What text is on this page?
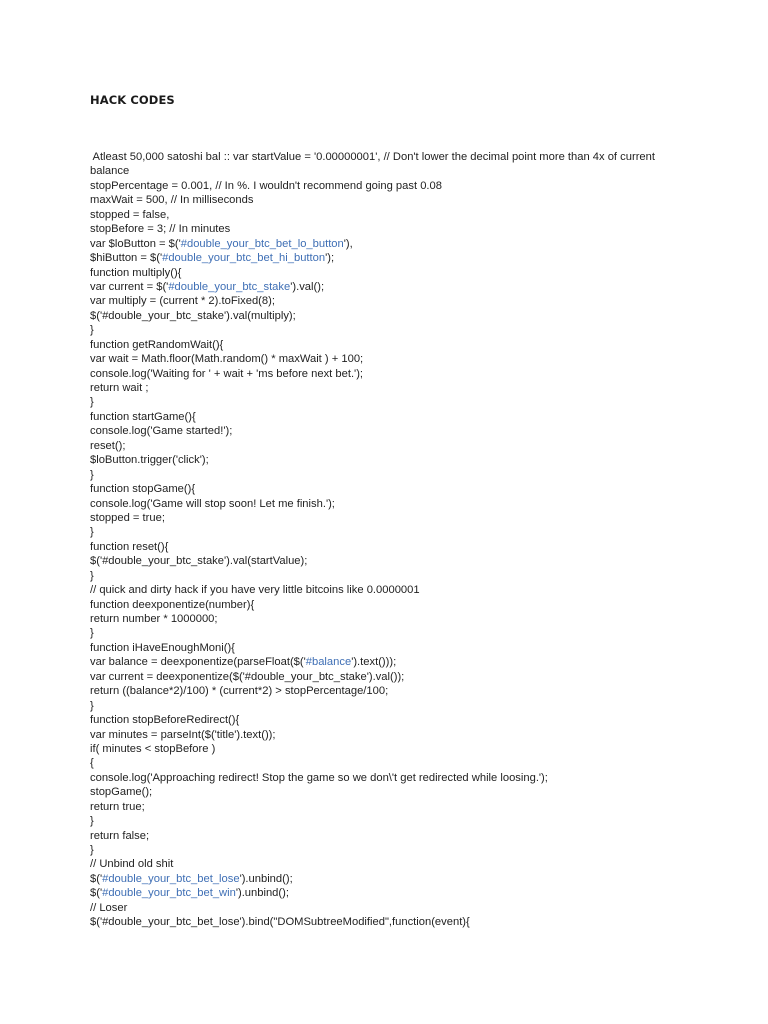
HACK CODES
Atleast 50,000 satoshi bal :: var startValue = '0.00000001', // Don't lower the decimal point more than 4x of current
balance
stopPercentage = 0.001, // In %. I wouldn't recommend going past 0.08
maxWait = 500, // In milliseconds
stopped = false,
stopBefore = 3; // In minutes
var $loButton = $('#double_your_btc_bet_lo_button'),
$hiButton = $('#double_your_btc_bet_hi_button');
function multiply(){
var current = $('#double_your_btc_stake').val();
var multiply = (current * 2).toFixed(8);
$('#double_your_btc_stake').val(multiply);
}
function getRandomWait(){
var wait = Math.floor(Math.random() * maxWait ) + 100;
console.log('Waiting for ' + wait + 'ms before next bet.');
return wait ;
}
function startGame(){
console.log('Game started!');
reset();
$loButton.trigger('click');
}
function stopGame(){
console.log('Game will stop soon! Let me finish.');
stopped = true;
}
function reset(){
$('#double_your_btc_stake').val(startValue);
}
// quick and dirty hack if you have very little bitcoins like 0.0000001
function deexponentize(number){
return number * 1000000;
}
function iHaveEnoughMoni(){
var balance = deexponentize(parseFloat($('#balance').text()));
var current = deexponentize($('#double_your_btc_stake').val());
return ((balance*2)/100) * (current*2) > stopPercentage/100;
}
function stopBeforeRedirect(){
var minutes = parseInt($('title').text());
if( minutes < stopBefore )
{
console.log('Approaching redirect! Stop the game so we don\'t get redirected while loosing.');
stopGame();
return true;
}
return false;
}
// Unbind old shit
$('#double_your_btc_bet_lose').unbind();
$('#double_your_btc_bet_win').unbind();
// Loser
$('#double_your_btc_bet_lose').bind("DOMSubtreeModified",function(event){
